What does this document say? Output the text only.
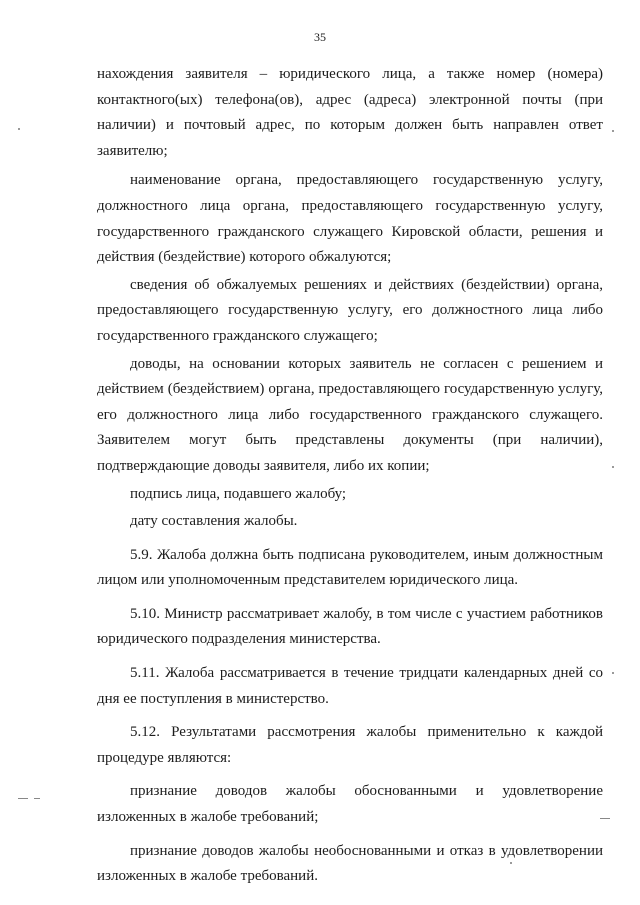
35

нахождения заявителя – юридического лица, а также номер (номера) контактного(ых) телефона(ов), адрес (адреса) электронной почты (при наличии) и почтовый адрес, по которым должен быть направлен ответ заявителю;

наименование органа, предоставляющего государственную услугу, должностного лица органа, предоставляющего государственную услугу, государственного гражданского служащего Кировской области, решения и действия (бездействие) которого обжалуются;

сведения об обжалуемых решениях и действиях (бездействии) органа, предоставляющего государственную услугу, его должностного лица либо государственного гражданского служащего;

доводы, на основании которых заявитель не согласен с решением и действием (бездействием) органа, предоставляющего государственную услугу, его должностного лица либо государственного гражданского служащего. Заявителем могут быть представлены документы (при наличии), подтверждающие доводы заявителя, либо их копии;

подпись лица, подавшего жалобу;

дату составления жалобы.

5.9. Жалоба должна быть подписана руководителем, иным должностным лицом или уполномоченным представителем юридического лица.

5.10. Министр рассматривает жалобу, в том числе с участием работников юридического подразделения министерства.

5.11. Жалоба рассматривается в течение тридцати календарных дней со дня ее поступления в министерство.

5.12. Результатами рассмотрения жалобы применительно к каждой процедуре являются:

признание доводов жалобы обоснованными и удовлетворение изложенных в жалобе требований;

признание доводов жалобы необоснованными и отказ в удовлетворении изложенных в жалобе требований.
